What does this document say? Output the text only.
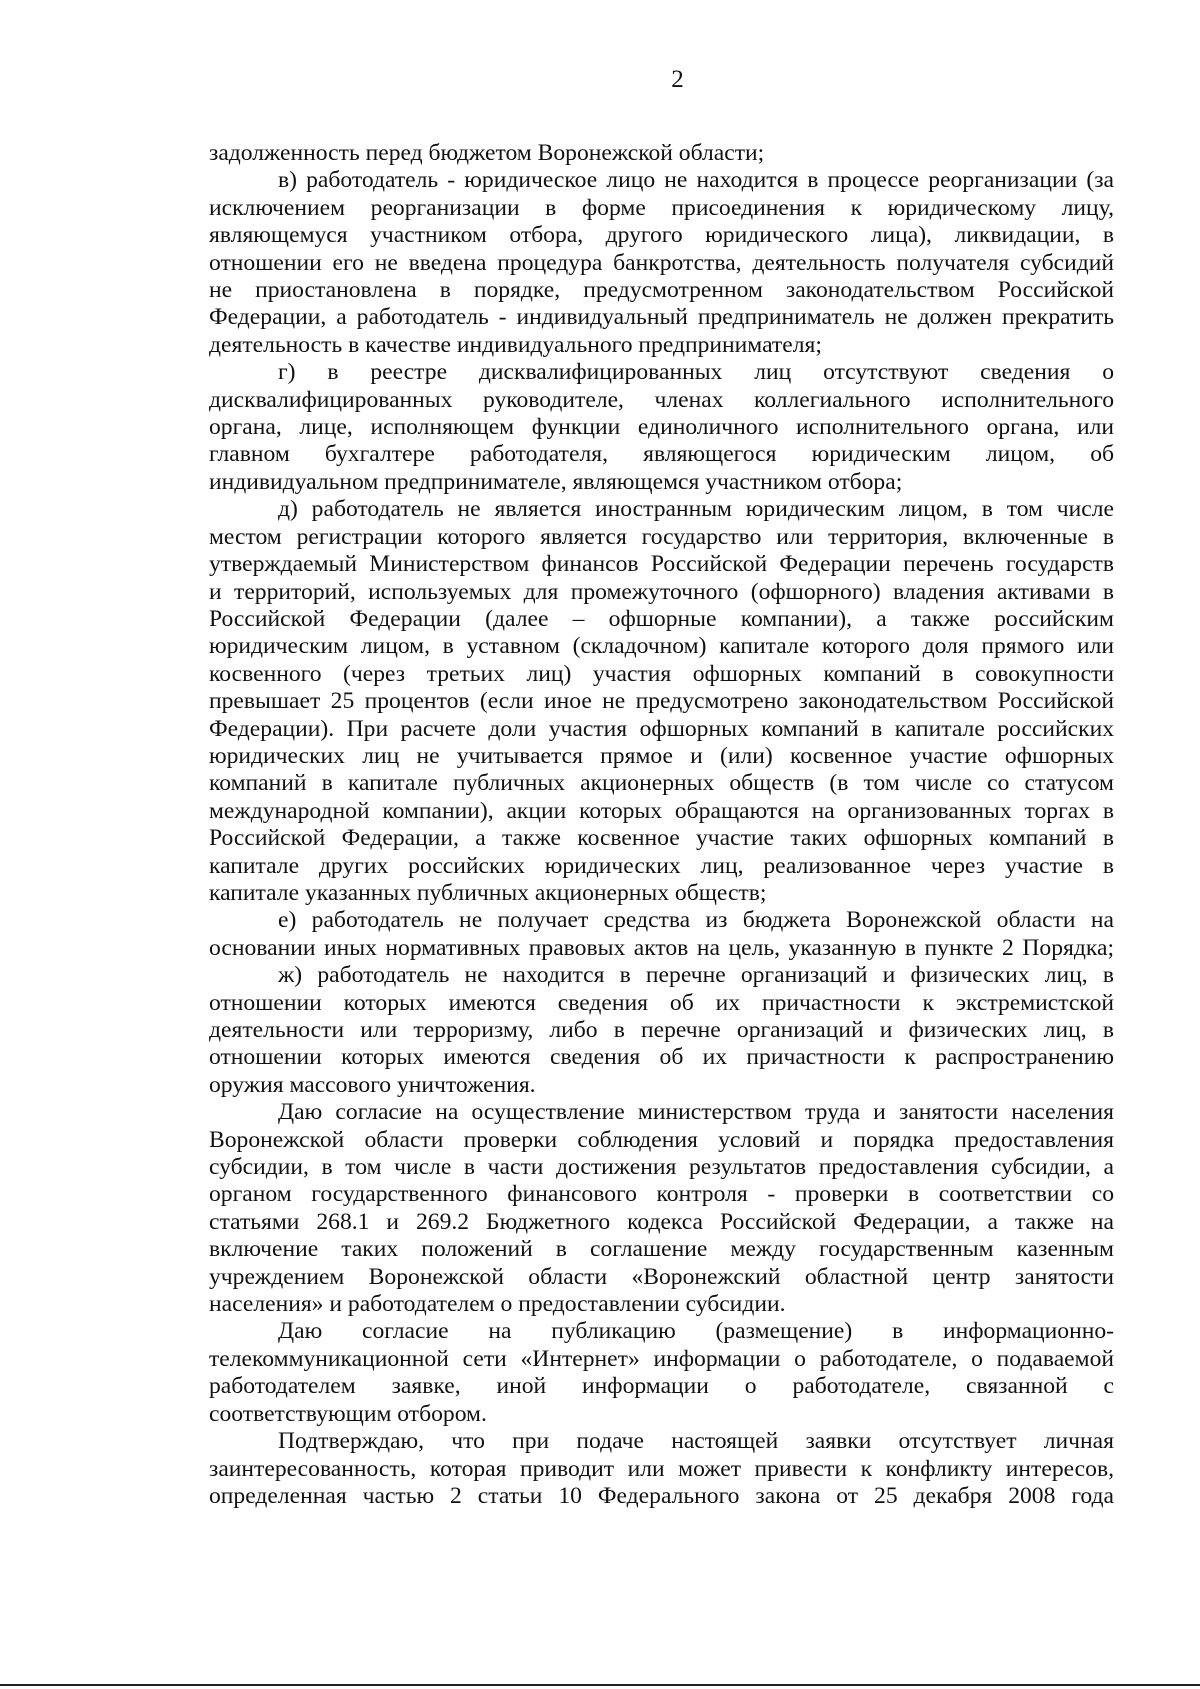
2

задолженность перед бюджетом Воронежской области;

в) работодатель - юридическое лицо не находится в процессе реорганизации (за

исключением реорганизации в форме присоединения к юридическому лицу,

являющемуся участником отбора, другого юридического лица), ликвидации, в

отношении его не введена процедура банкротства, деятельность получателя субсидий

не приостановлена в порядке, предусмотренном законодательством Российской

Федерации, а работодатель - индивидуальный предприниматель не должен прекратить

деятельность в качестве индивидуального предпринимателя;

г) в реестре дисквалифицированных лиц отсутствуют сведения о

дисквалифицированных руководителе, членах коллегиального исполнительного

органа, лице, исполняющем функции единоличного исполнительного органа, или

главном бухгалтере работодателя, являющегося юридическим лицом, об

индивидуальном предпринимателе, являющемся участником отбора;

д) работодатель не является иностранным юридическим лицом, в том числе

местом регистрации которого является государство или территория, включенные в

утверждаемый Министерством финансов Российской Федерации перечень государств

и территорий, используемых для промежуточного (офшорного) владения активами в

Российской Федерации (далее – офшорные компании), а также российским

юридическим лицом, в уставном (складочном) капитале которого доля прямого или

косвенного (через третьих лиц) участия офшорных компаний в совокупности

превышает 25 процентов (если иное не предусмотрено законодательством Российской

Федерации). При расчете доли участия офшорных компаний в капитале российских

юридических лиц не учитывается прямое и (или) косвенное участие офшорных

компаний в капитале публичных акционерных обществ (в том числе со статусом

международной компании), акции которых обращаются на организованных торгах в

Российской Федерации, а также косвенное участие таких офшорных компаний в

капитале других российских юридических лиц, реализованное через участие в

капитале указанных публичных акционерных обществ;

е) работодатель не получает средства из бюджета Воронежской области на

основании иных нормативных правовых актов на цель, указанную в пункте 2 Порядка;

ж) работодатель не находится в перечне организаций и физических лиц, в

отношении которых имеются сведения об их причастности к экстремистской

деятельности или терроризму, либо в перечне организаций и физических лиц, в

отношении которых имеются сведения об их причастности к распространению

оружия массового уничтожения.

Даю согласие на осуществление министерством труда и занятости населения

Воронежской области проверки соблюдения условий и порядка предоставления

субсидии, в том числе в части достижения результатов предоставления субсидии, а

органом государственного финансового контроля - проверки в соответствии со

статьями 268.1 и 269.2 Бюджетного кодекса Российской Федерации, а также на

включение таких положений в соглашение между государственным казенным

учреждением Воронежской области «Воронежский областной центр занятости

населения» и работодателем о предоставлении субсидии.

Даю согласие на публикацию (размещение) в информационно-

телекоммуникационной сети «Интернет» информации о работодателе, о подаваемой

работодателем заявке, иной информации о работодателе, связанной с

соответствующим отбором.

Подтверждаю, что при подаче настоящей заявки отсутствует личная

заинтересованность, которая приводит или может привести к конфликту интересов,

определенная частью 2 статьи 10 Федерального закона от 25 декабря 2008 года
